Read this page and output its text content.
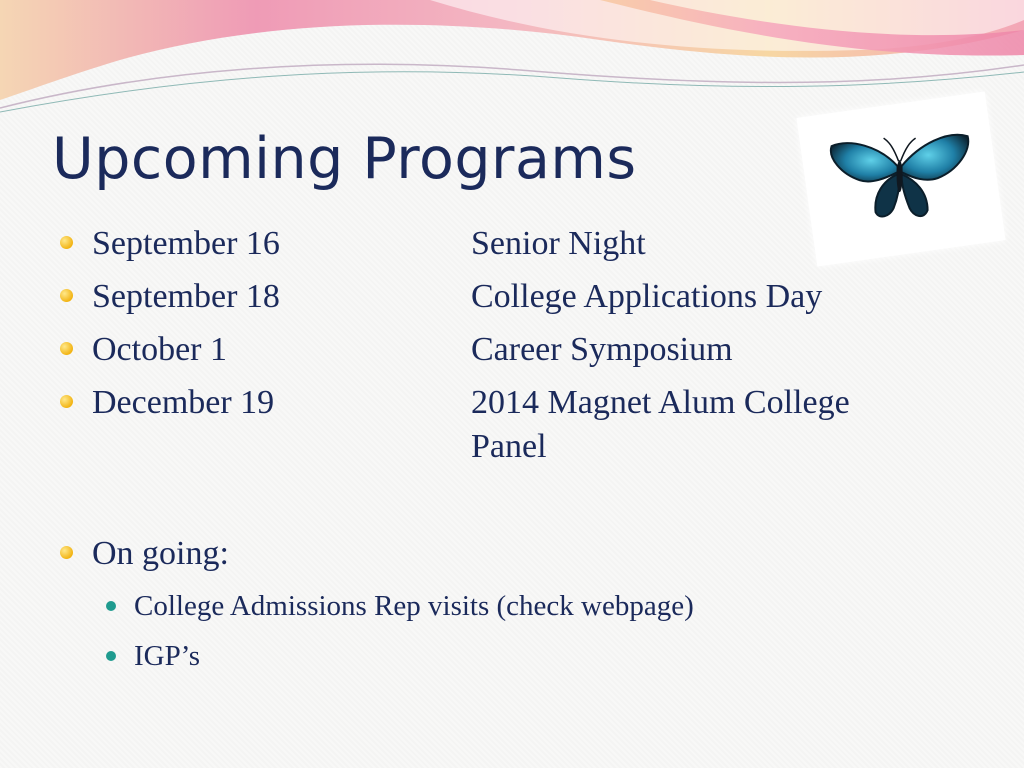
Upcoming Programs
September 16	Senior Night
September 18	College Applications Day
October 1	Career Symposium
December 19	2014 Magnet Alum College Panel
On going:
College Admissions Rep visits (check webpage)
IGP’s
